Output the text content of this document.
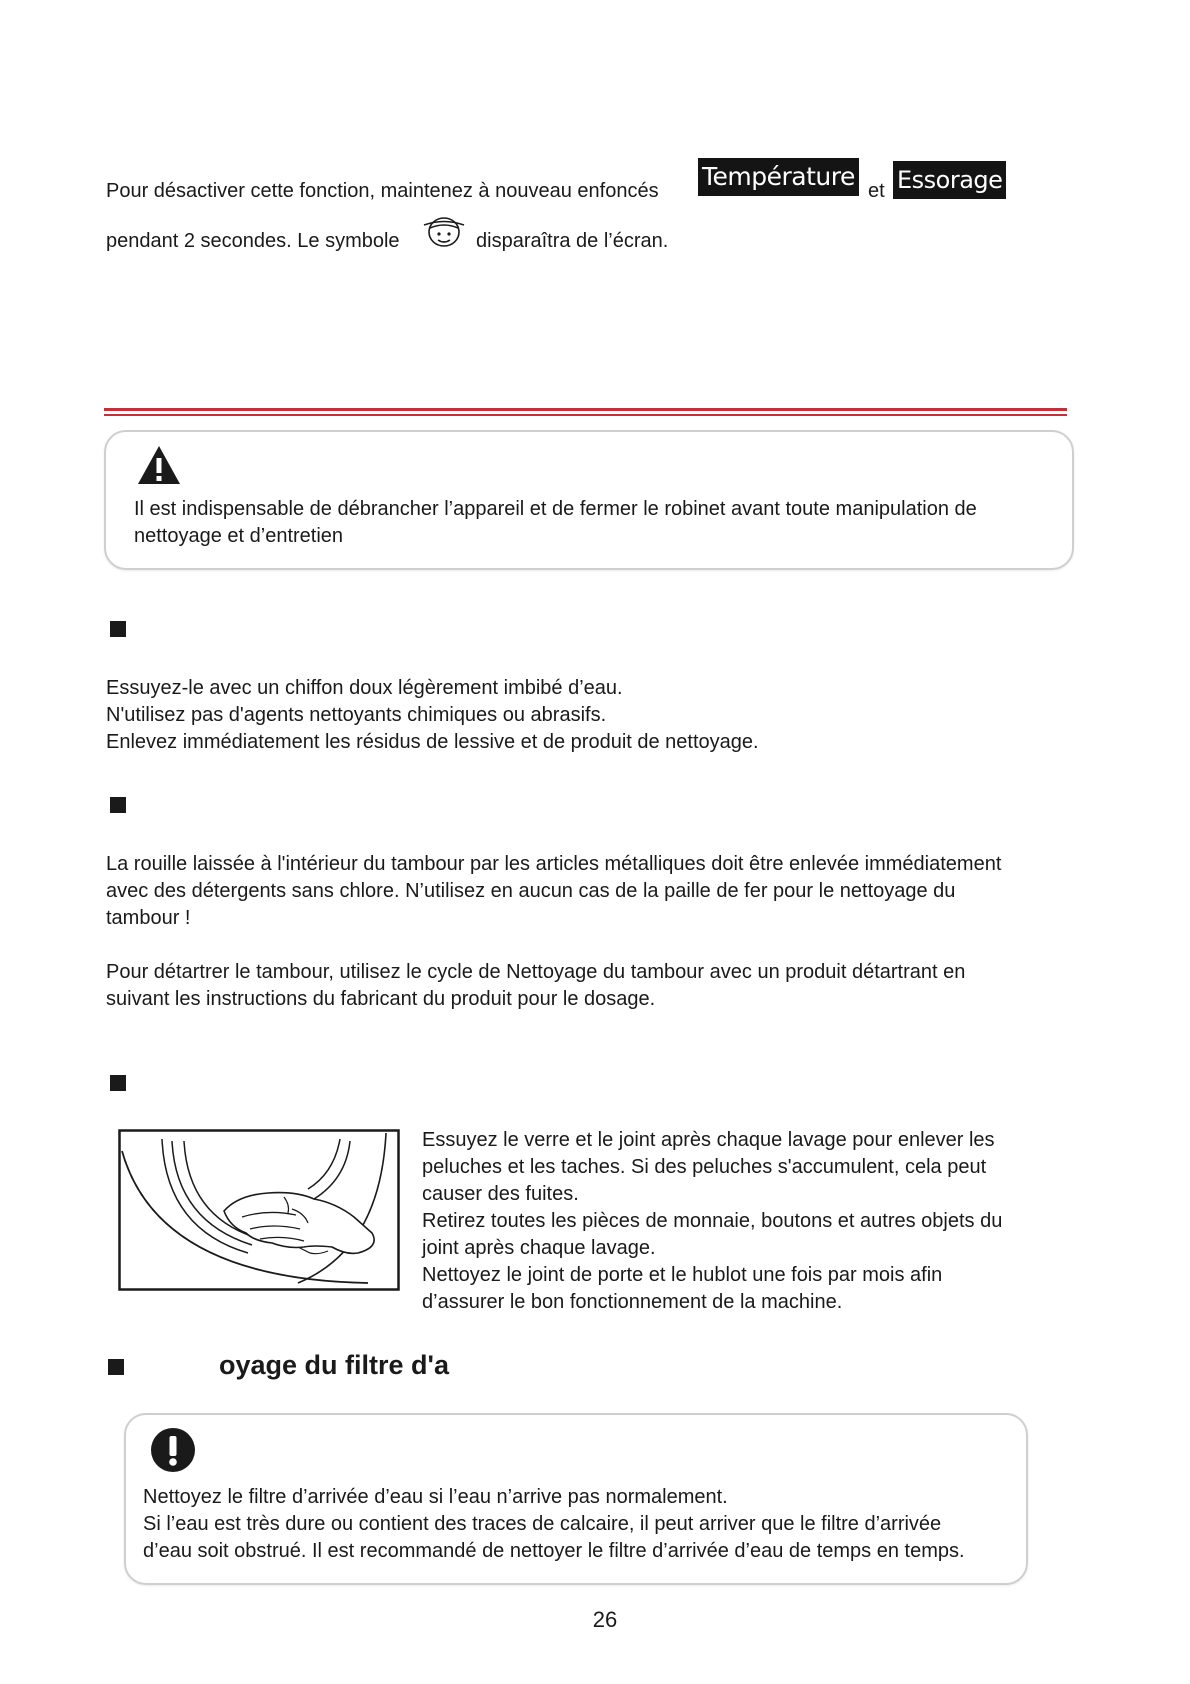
Pour désactiver cette fonction, maintenez à nouveau enfoncés Température et Essorage
pendant 2 secondes. Le symbole	disparaîtra de l’écran.
Il est indispensable de débrancher l’appareil et de fermer le robinet avant toute manipulation de
nettoyage et d’entretien
Essuyez-le avec un chiffon doux légèrement imbibé d’eau.
N'utilisez pas d'agents nettoyants chimiques ou abrasifs.
Enlevez immédiatement les résidus de lessive et de produit de nettoyage.
La rouille laissée à l'intérieur du tambour par les articles métalliques doit être enlevée immédiatement
avec des détergents sans chlore. N’utilisez en aucun cas de la paille de fer pour le nettoyage du
tambour !
Pour détartrer le tambour, utilisez le cycle de Nettoyage du tambour avec un produit détartrant en
suivant les instructions du fabricant du produit pour le dosage.
Essuyez le verre et le joint après chaque lavage pour enlever les
peluches et les taches. Si des peluches s'accumulent, cela peut
causer des fuites.
Retirez toutes les pièces de monnaie, boutons et autres objets du
joint après chaque lavage.
Nettoyez le joint de porte et le hublot une fois par mois afin
d’assurer le bon fonctionnement de la machine.
oyage du filtre d'a
Nettoyez le filtre d’arrivée d’eau si l’eau n’arrive pas normalement.
Si l’eau est très dure ou contient des traces de calcaire, il peut arriver que le filtre d’arrivée
d’eau soit obstrué. Il est recommandé de nettoyer le filtre d’arrivée d’eau de temps en temps.
26
